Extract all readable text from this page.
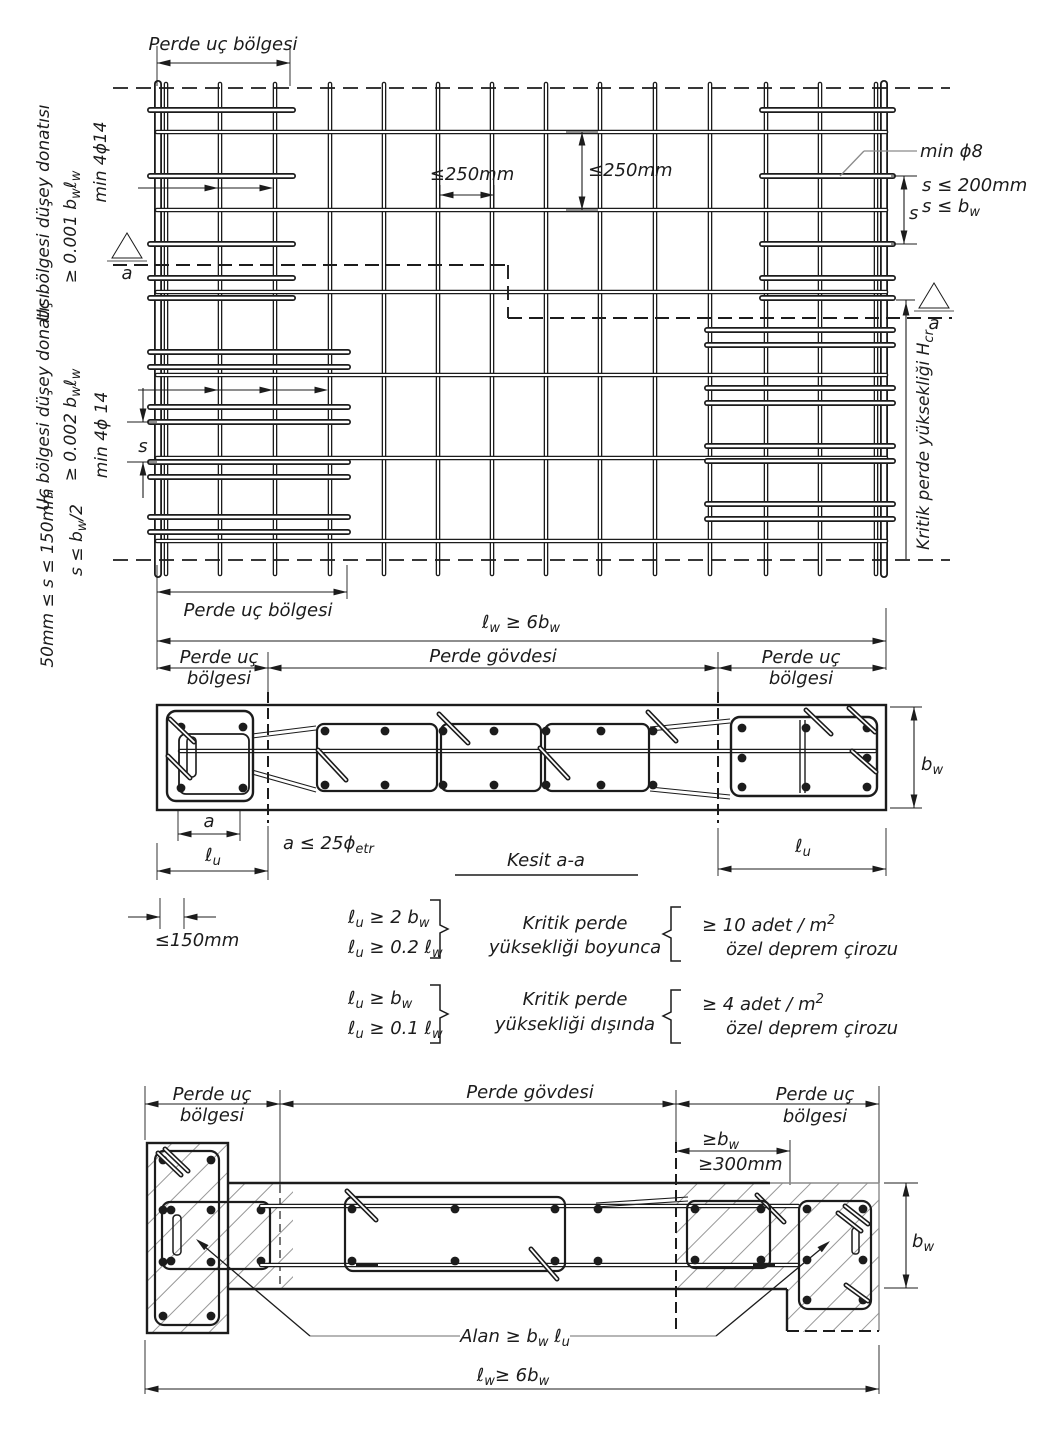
Perde uç bölgesi
Uç bölgesi düşey donatısı ≥ 0.001 $b_w\ell_w$ min 4ϕ14
Uç bölgesi düşey donatısı ≥ 0.002 $b_w\ell_w$
min 4ϕ 14
50mm ≤ s ≤ 150mm $s \le b_w/2$
≤250mm	≤250mm
min ϕ8
s ≤ 200mm
$s \le b_w$
s
s
a
a
Kritik perde yüksekliği $H_{cr}$
Perde uç bölgesi
ℓ$_w$ ≥ $6b_w$
Perde uç
bölgesi
Perde gövdesi	Perde uç
bölgesi
a
$a \le 25\phi_{etr}$
ℓ$_u$	Kesit a-a
ℓ$_u$
$b_w$
≤150mm
ℓ$_u$ ≥ 2 $b_w$
ℓ$_u$ ≥ 0.2 ℓ$_w$
Kritik perde
yüksekliği boyunca
≥ 10 adet / $m^2$
özel deprem çirozu
ℓ$_u$ ≥ $b_w$
ℓ$_u$ ≥ 0.1 ℓ$_w$
Kritik perde
yüksekliği dışında
≥ 4 adet / $m^2$
özel deprem çirozu
Perde uç
bölgesi
Perde gövdesi	Perde uç
bölgesi
$\ge b_w$
≥300mm
Alan ≥ $b_w$ ℓ$_u$
$b_w$
ℓ$_w$≥ $6b_w$
